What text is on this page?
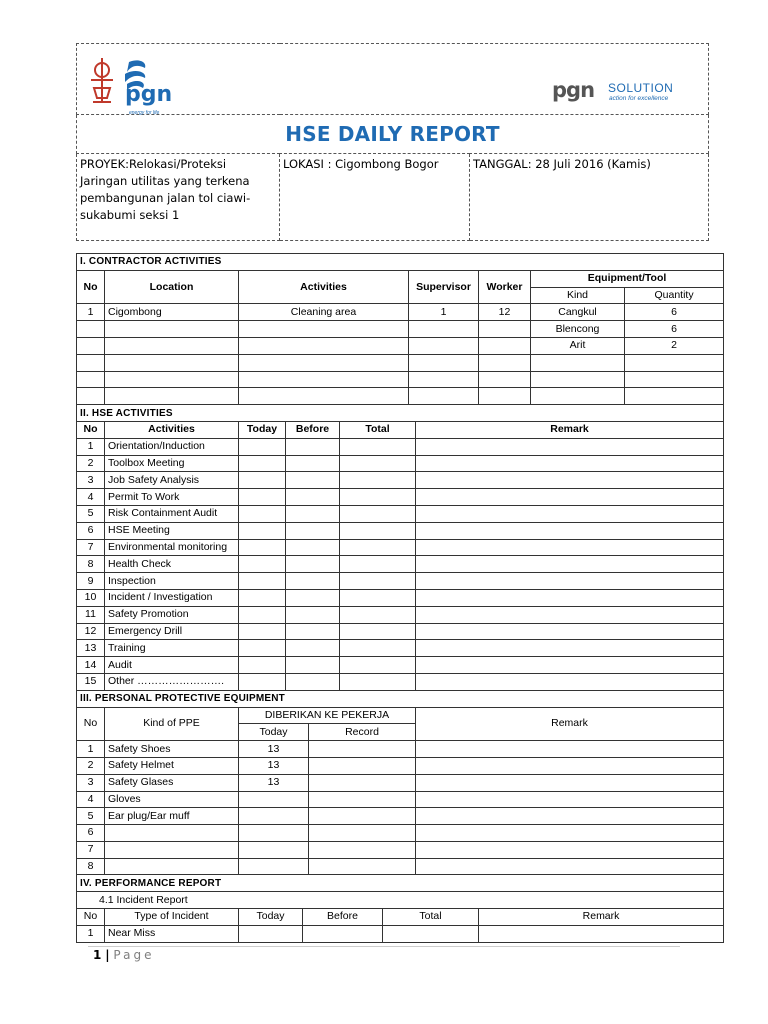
pgn
energy for life
pgn SOLUTION
action for excellence

HSE DAILY REPORT
PROYEK:Relokasi/Proteksi Jaringan utilitas yang terkena pembangunan jalan tol ciawi-sukabumi seksi 1	LOKASI : Cigombong Bogor	TANGGAL: 28 Juli 2016 (Kamis)
I. CONTRACTOR ACTIVITIES						
No	Location	Activities	Supervisor	Worker	Equipment/Tool	
					Kind	Quantity
1	Cigombong	Cleaning area	1	12	Cangkul	6
					Blencong	6
					Arit	2

II. HSE ACTIVITIES					
No	Activities	Today	Before	Total	Remark
1	Orientation/Induction				
2	Toolbox Meeting				
3	Job Safety Analysis				
4	Permit To Work				
5	Risk Containment Audit				
6	HSE Meeting				
7	Environmental monitoring				
8	Health Check				
9	Inspection				
10	Incident / Investigation				
11	Safety Promotion				
12	Emergency Drill				
13	Training				
14	Audit				
15	Other …………………….				
III. PERSONAL PROTECTIVE EQUIPMENT				
No	Kind of PPE	DIBERIKAN KE PEKERJA		Remark
		Today	Record	
1	Safety Shoes	13		
2	Safety Helmet	13		
3	Safety Glases	13		
4	Gloves			
5	Ear plug/Ear muff			
6				
7				
8				
IV. PERFORMANCE REPORT					
4.1 Incident Report					
No	Type of Incident	Today	Before	Total	Remark
1	Near Miss				
1 | Page
